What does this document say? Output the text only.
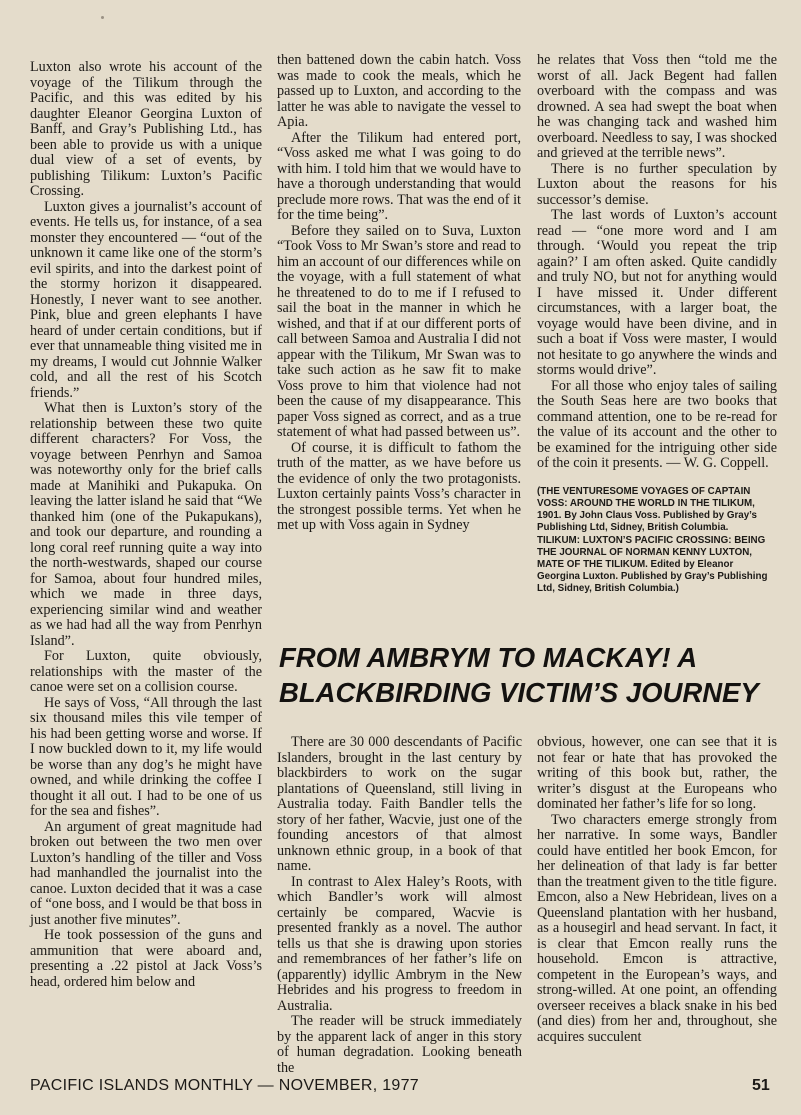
Luxton also wrote his account of the voyage of the Tilikum through the Pacific, and this was edited by his daughter Eleanor Georgina Luxton of Banff, and Gray’s Publishing Ltd., has been able to provide us with a unique dual view of a set of events, by publishing Tilikum: Luxton’s Pacific Crossing.

Luxton gives a journalist’s account of events. He tells us, for instance, of a sea monster they encountered — “out of the unknown it came like one of the storm’s evil spirits, and into the darkest point of the stormy horizon it disappeared. Honestly, I never want to see another. Pink, blue and green elephants I have heard of under certain conditions, but if ever that unnameable thing visited me in my dreams, I would cut Johnnie Walker cold, and all the rest of his Scotch friends.”

What then is Luxton’s story of the relationship between these two quite different characters? For Voss, the voyage between Penrhyn and Samoa was noteworthy only for the brief calls made at Manihiki and Pukapuka. On leaving the latter island he said that “We thanked him (one of the Pukapukans), and took our departure, and rounding a long coral reef running quite a way into the north-westwards, shaped our course for Samoa, about four hundred miles, which we made in three days, experiencing similar wind and weather as we had had all the way from Penrhyn Island”.

For Luxton, quite obviously, relationships with the master of the canoe were set on a collision course.

He says of Voss, “All through the last six thousand miles this vile temper of his had been getting worse and worse. If I now buckled down to it, my life would be worse than any dog’s he might have owned, and while drinking the coffee I thought it all out. I had to be one of us for the sea and fishes”.

An argument of great magnitude had broken out between the two men over Luxton’s handling of the tiller and Voss had manhandled the journalist into the canoe. Luxton decided that it was a case of “one boss, and I would be that boss in just another five minutes”.

He took possession of the guns and ammunition that were aboard and, presenting a .22 pistol at Jack Voss’s head, ordered him below and

then battened down the cabin hatch. Voss was made to cook the meals, which he passed up to Luxton, and according to the latter he was able to navigate the vessel to Apia.

After the Tilikum had entered port, “Voss asked me what I was going to do with him. I told him that we would have to have a thorough understanding that would preclude more rows. That was the end of it for the time being”.

Before they sailed on to Suva, Luxton “Took Voss to Mr Swan’s store and read to him an account of our differences while on the voyage, with a full statement of what he threatened to do to me if I refused to sail the boat in the manner in which he wished, and that if at our different ports of call between Samoa and Australia I did not appear with the Tilikum, Mr Swan was to take such action as he saw fit to make Voss prove to him that violence had not been the cause of my disappearance. This paper Voss signed as correct, and as a true statement of what had passed between us”.

Of course, it is difficult to fathom the truth of the matter, as we have before us the evidence of only the two protagonists. Luxton certainly paints Voss’s character in the strongest possible terms. Yet when he met up with Voss again in Sydney

he relates that Voss then “told me the worst of all. Jack Begent had fallen overboard with the compass and was drowned. A sea had swept the boat when he was changing tack and washed him overboard. Needless to say, I was shocked and grieved at the terrible news”.

There is no further speculation by Luxton about the reasons for his successor’s demise.

The last words of Luxton’s account read — “one more word and I am through. ‘Would you repeat the trip again?’ I am often asked. Quite candidly and truly NO, but not for anything would I have missed it. Under different circumstances, with a larger boat, the voyage would have been divine, and in such a boat if Voss were master, I would not hesitate to go anywhere the winds and storms would drive”.

For all those who enjoy tales of sailing the South Seas here are two books that command attention, one to be re-read for the value of its account and the other to be examined for the intriguing other side of the coin it presents. — W. G. Coppell.

(THE VENTURESOME VOYAGES OF CAPTAIN VOSS: AROUND THE WORLD IN THE TILIKUM, 1901. By John Claus Voss. Published by Gray’s Publishing Ltd, Sidney, British Columbia.

TILIKUM: LUXTON’S PACIFIC CROSSING: BEING THE JOURNAL OF NORMAN KENNY LUXTON, MATE OF THE TILIKUM. Edited by Eleanor Georgina Luxton. Published by Gray’s Publishing Ltd, Sidney, British Columbia.)

FROM AMBRYM TO MACKAY! A
BLACKBIRDING VICTIM’S JOURNEY

There are 30 000 descendants of Pacific Islanders, brought in the last century by blackbirders to work on the sugar plantations of Queensland, still living in Australia today. Faith Bandler tells the story of her father, Wacvie, just one of the founding ancestors of that almost unknown ethnic group, in a book of that name.

In contrast to Alex Haley’s Roots, with which Bandler’s work will almost certainly be compared, Wacvie is presented frankly as a novel. The author tells us that she is drawing upon stories and remembrances of her father’s life on (apparently) idyllic Ambrym in the New Hebrides and his progress to freedom in Australia.

The reader will be struck immediately by the apparent lack of anger in this story of human degradation. Looking beneath the

obvious, however, one can see that it is not fear or hate that has provoked the writing of this book but, rather, the writer’s disgust at the Europeans who dominated her father’s life for so long.

Two characters emerge strongly from her narrative. In some ways, Bandler could have entitled her book Emcon, for her delineation of that lady is far better than the treatment given to the title figure. Emcon, also a New Hebridean, lives on a Queensland plantation with her husband, as a housegirl and head servant. In fact, it is clear that Emcon really runs the household. Emcon is attractive, competent in the European’s ways, and strong-willed. At one point, an offending overseer receives a black snake in his bed (and dies) from her and, throughout, she acquires succulent

PACIFIC ISLANDS MONTHLY — NOVEMBER, 1977	51
